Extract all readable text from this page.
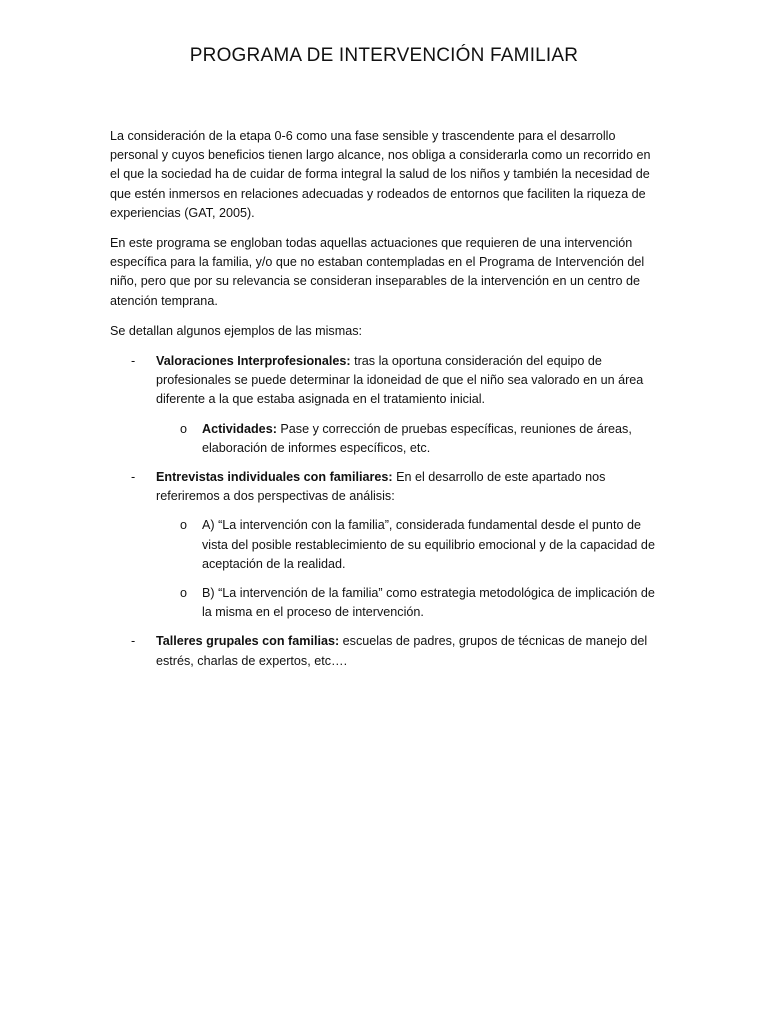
PROGRAMA DE INTERVENCIÓN FAMILIAR

La consideración de la etapa 0-6 como una fase sensible y trascendente para el desarrollo personal y cuyos beneficios tienen largo alcance, nos obliga a considerarla como un recorrido en el que la sociedad ha de cuidar de forma integral la salud de los niños y también la necesidad de que estén inmersos en relaciones adecuadas y rodeados de entornos que faciliten la riqueza de experiencias (GAT, 2005).

En este programa se engloban todas aquellas actuaciones que requieren de una intervención específica para la familia, y/o que no estaban contempladas en el Programa de Intervención del niño, pero que por su relevancia se consideran inseparables de la intervención en un centro de atención temprana.

Se detallan algunos ejemplos de las mismas:

- Valoraciones Interprofesionales: tras la oportuna consideración del equipo de profesionales se puede determinar la idoneidad de que el niño sea valorado en un área diferente a la que estaba asignada en el tratamiento inicial.
o Actividades: Pase y corrección de pruebas específicas, reuniones de áreas, elaboración de informes específicos, etc.
- Entrevistas individuales con familiares: En el desarrollo de este apartado nos referiremos a dos perspectivas de análisis:
o A) “La intervención con la familia”, considerada fundamental desde el punto de vista del posible restablecimiento de su equilibrio emocional y de la capacidad de aceptación de la realidad.
o B) “La intervención de la familia” como estrategia metodológica de implicación de la misma en el proceso de intervención.
- Talleres grupales con familias: escuelas de padres, grupos de técnicas de manejo del estrés, charlas de expertos, etc….
